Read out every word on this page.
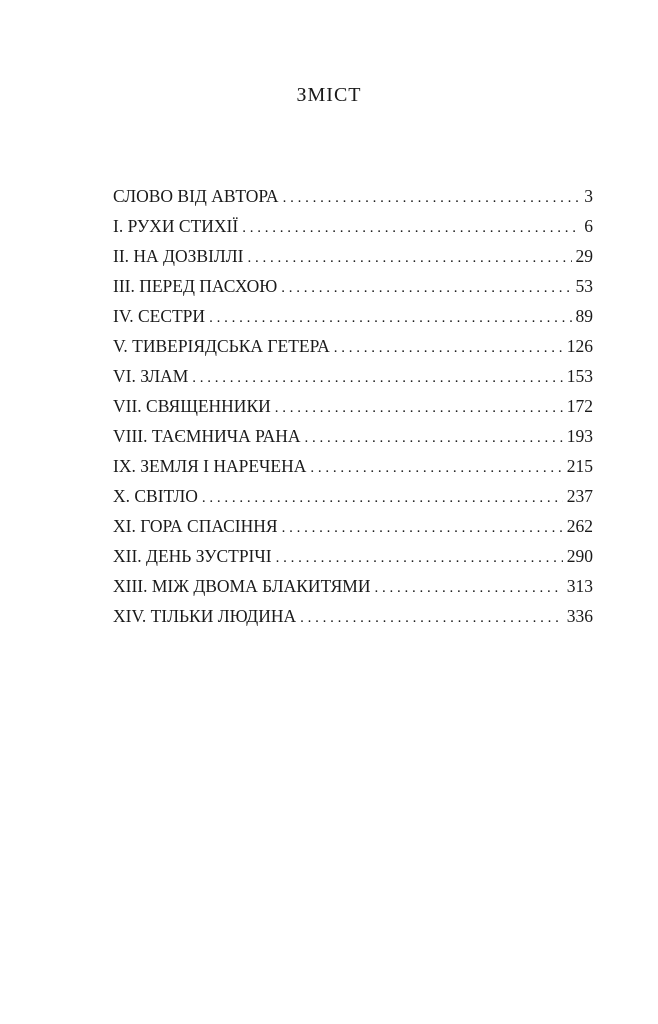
ЗМІСТ
СЛОВО ВІД АВТОРА . . .	3
I. РУХИ СТИХІЇ . . .	6
II. НА ДОЗВІЛЛІ . . .	29
III. ПЕРЕД ПАСХОЮ . . .	53
IV. СЕСТРИ . . .	89
V. ТИВЕРІЯДСЬКА ГЕТЕРА . . .	126
VI. ЗЛАМ . . .	153
VII. СВЯЩЕННИКИ . . .	172
VIII. ТАЄМНИЧА РАНА . . .	193
IX. ЗЕМЛЯ І НАРЕЧЕНА . . .	215
X. СВІТЛО . . .	237
XI. ГОРА СПАСІННЯ . . .	262
XII. ДЕНЬ ЗУСТРІЧІ . . .	290
XIII. МІЖ ДВОМА БЛАКИТЯМИ . . .	313
XIV. ТІЛЬКИ ЛЮДИНА . . .	336
